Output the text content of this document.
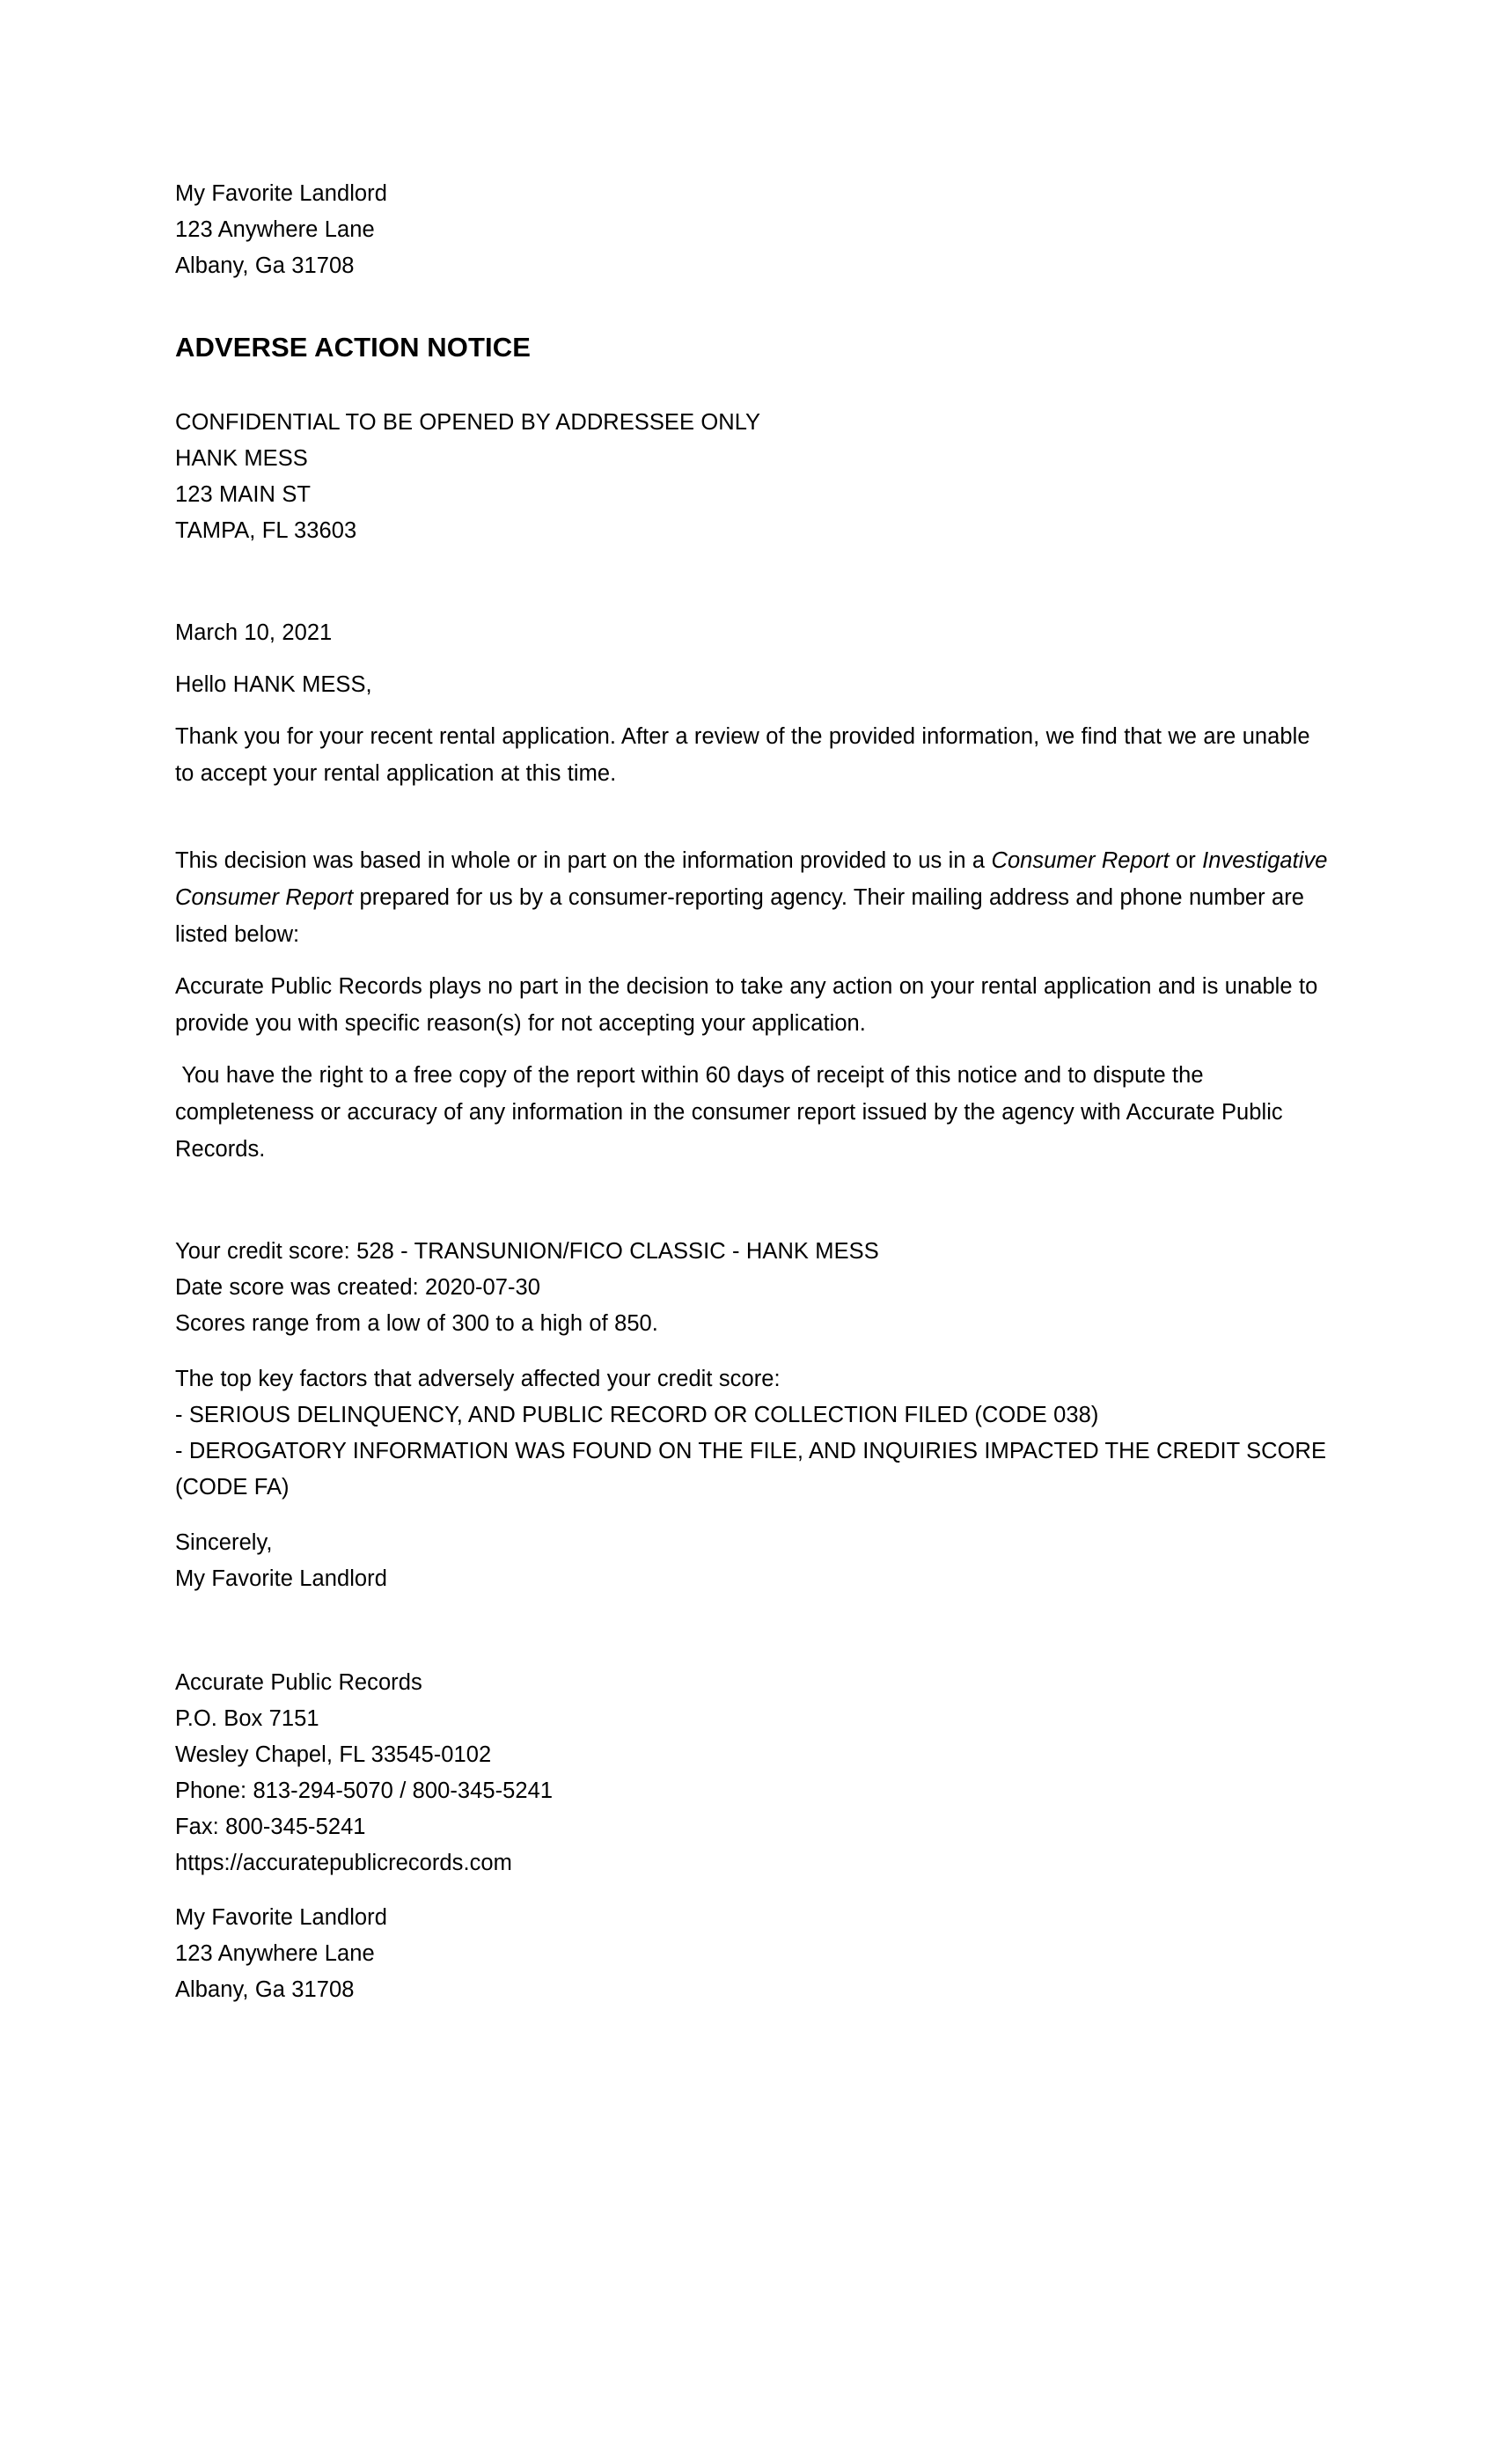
My Favorite Landlord
123 Anywhere Lane
Albany, Ga 31708
ADVERSE ACTION NOTICE
CONFIDENTIAL TO BE OPENED BY ADDRESSEE ONLY
HANK MESS
123 MAIN ST
TAMPA, FL 33603
March 10, 2021
Hello HANK MESS,

Thank you for your recent rental application. After a review of the provided information, we find that we are unable to accept your rental application at this time.

This decision was based in whole or in part on the information provided to us in a Consumer Report or Investigative Consumer Report prepared for us by a consumer-reporting agency. Their mailing address and phone number are listed below:

Accurate Public Records plays no part in the decision to take any action on your rental application and is unable to provide you with specific reason(s) for not accepting your application.

You have the right to a free copy of the report within 60 days of receipt of this notice and to dispute the completeness or accuracy of any information in the consumer report issued by the agency with Accurate Public Records.

Your credit score: 528 - TRANSUNION/FICO CLASSIC - HANK MESS
Date score was created: 2020-07-30
Scores range from a low of 300 to a high of 850.
The top key factors that adversely affected your credit score:
- SERIOUS DELINQUENCY, AND PUBLIC RECORD OR COLLECTION FILED (CODE 038)
- DEROGATORY INFORMATION WAS FOUND ON THE FILE, AND INQUIRIES IMPACTED THE CREDIT SCORE (CODE FA)
Sincerely,
My Favorite Landlord
Accurate Public Records
P.O. Box 7151
Wesley Chapel, FL 33545-0102
Phone: 813-294-5070 / 800-345-5241
Fax: 800-345-5241
https://accuratepublicrecords.com
My Favorite Landlord
123 Anywhere Lane
Albany, Ga 31708
